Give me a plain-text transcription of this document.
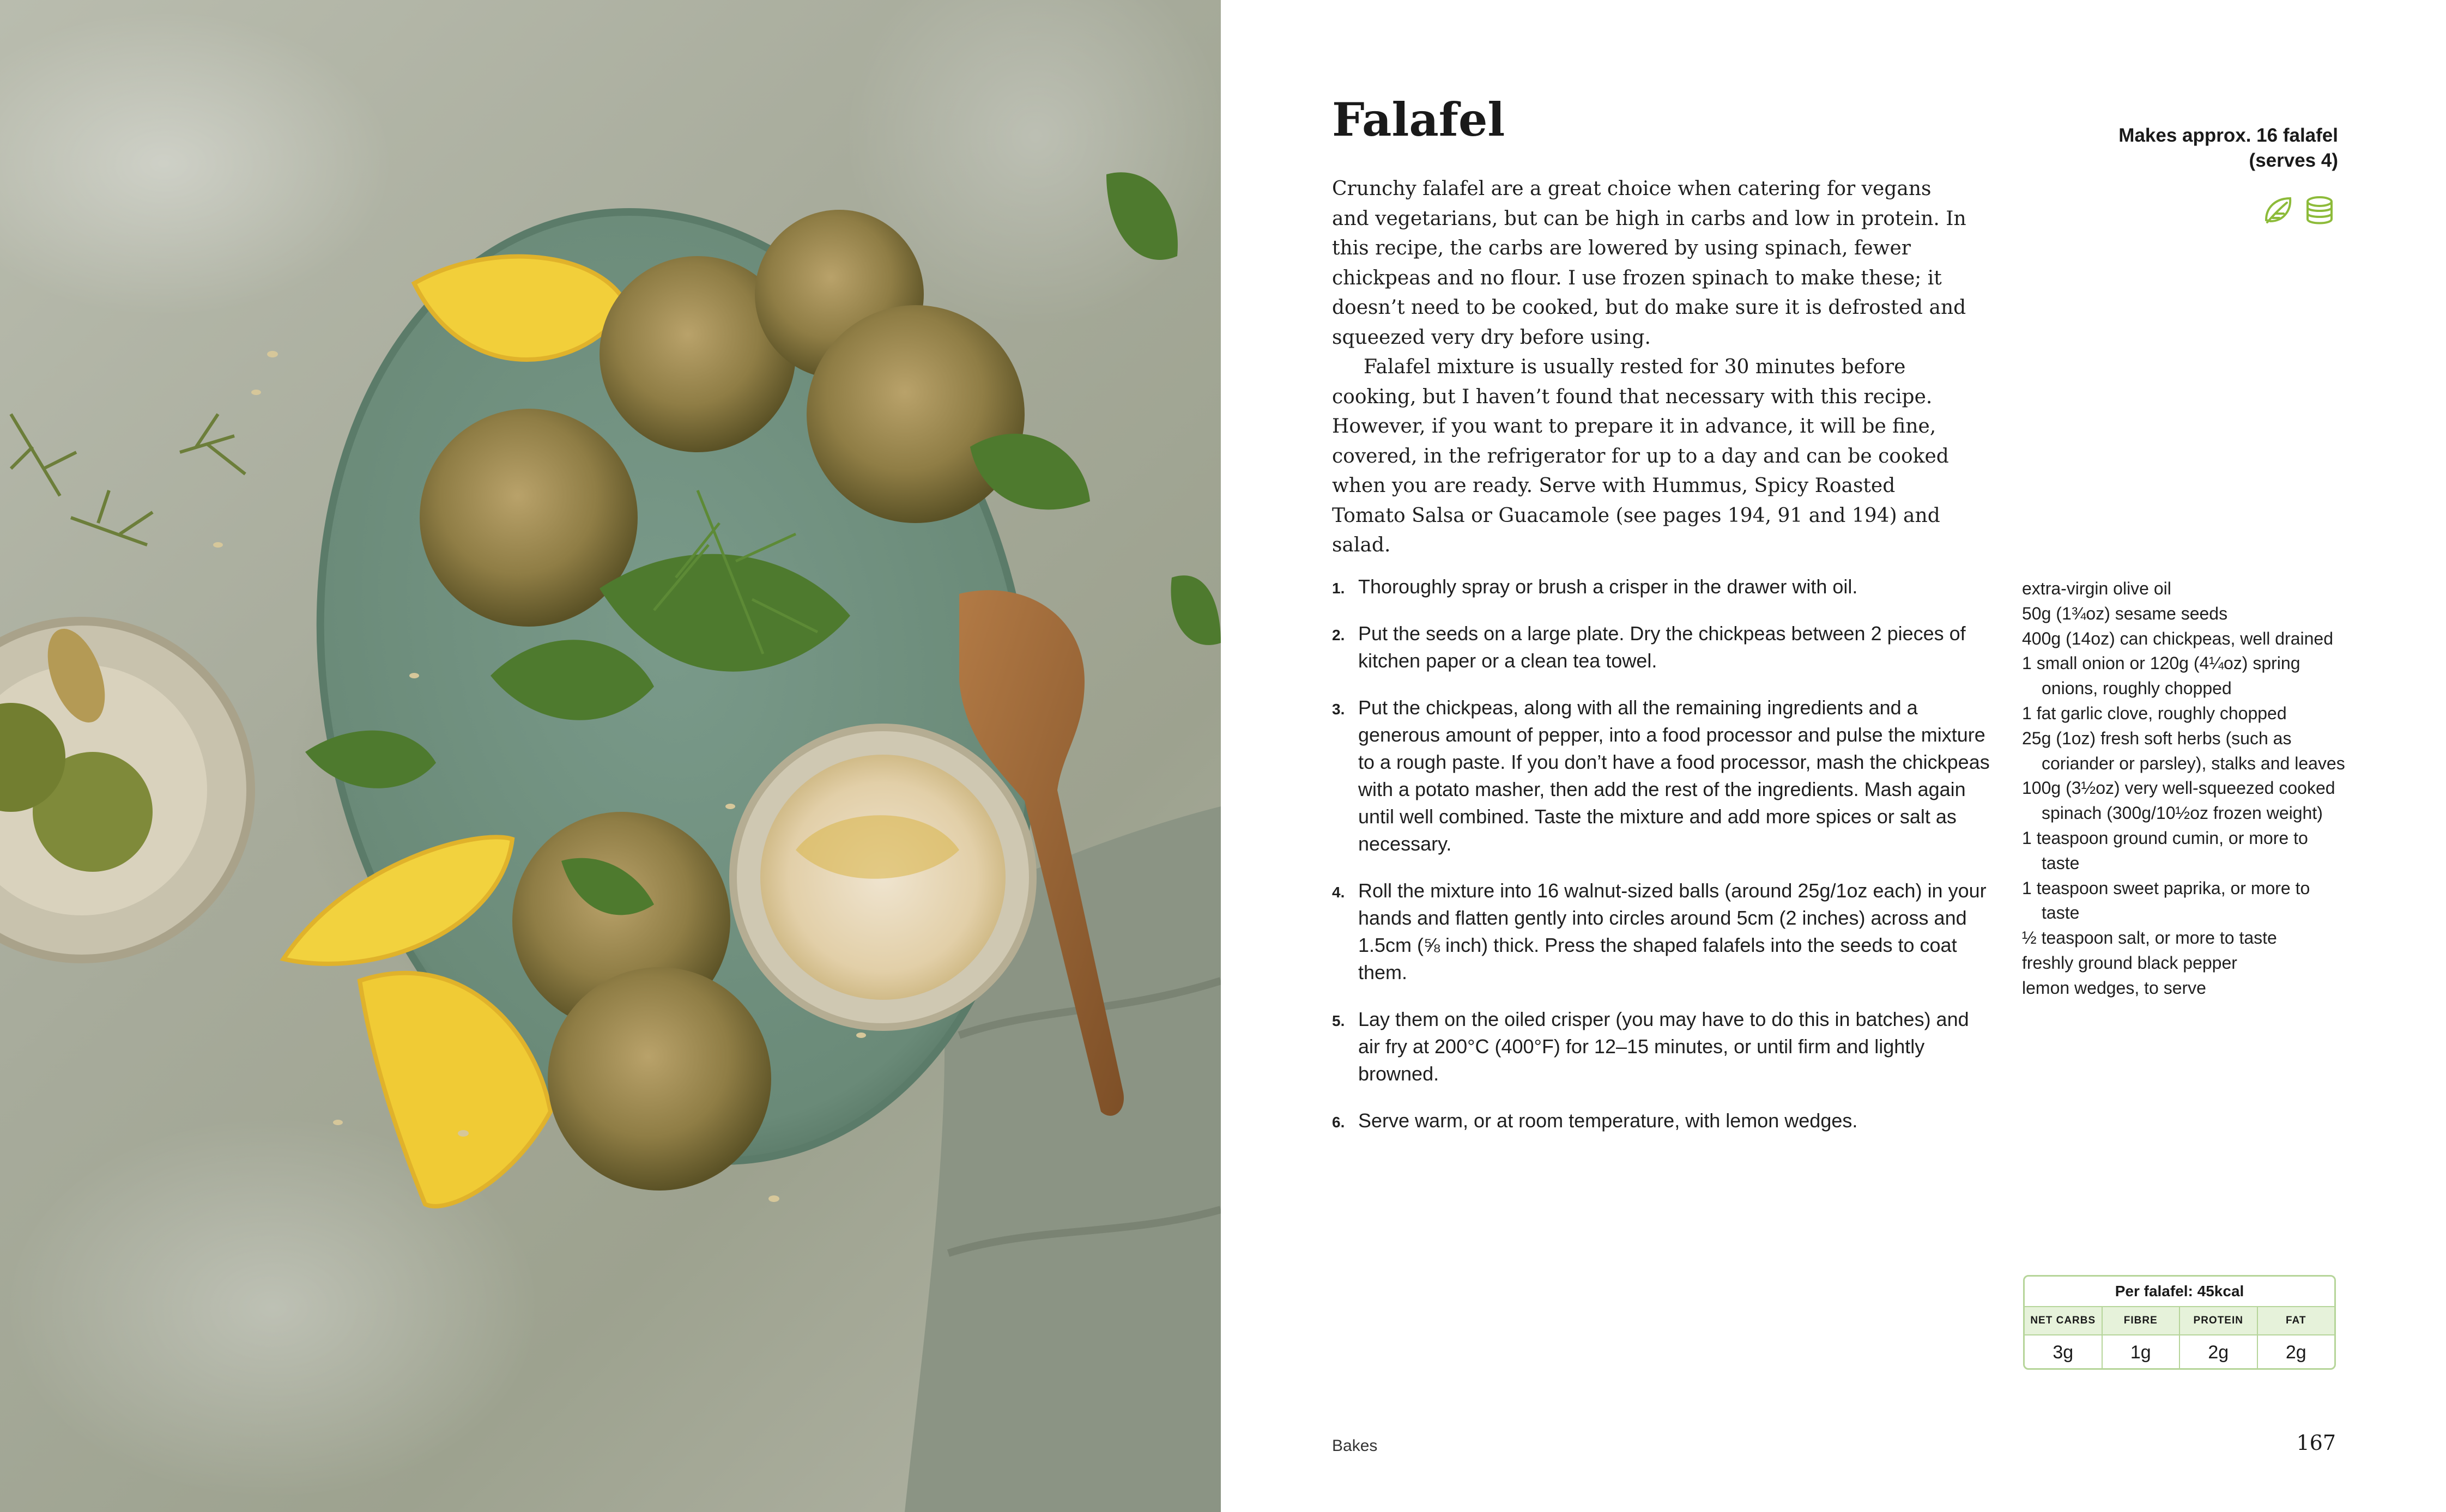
Falafel	Makes approx. 16 falafel
(serves 4)

Crunchy falafel are a great choice when catering for vegans and vegetarians, but can be high in carbs and low in protein. In this recipe, the carbs are lowered by using spinach, fewer chickpeas and no flour. I use frozen spinach to make these; it doesn’t need to be cooked, but do make sure it is defrosted and squeezed very dry before using.

Falafel mixture is usually rested for 30 minutes before cooking, but I haven’t found that necessary with this recipe. However, if you want to prepare it in advance, it will be fine, covered, in the refrigerator for up to a day and can be cooked when you are ready. Serve with Hummus, Spicy Roasted Tomato Salsa or Guacamole (see pages 194, 91 and 194) and salad.

1. Thoroughly spray or brush a crisper in the drawer with oil.
2. Put the seeds on a large plate. Dry the chickpeas between 2 pieces of kitchen paper or a clean tea towel.
3. Put the chickpeas, along with all the remaining ingredients and a generous amount of pepper, into a food processor and pulse the mixture to a rough paste. If you don’t have a food processor, mash the chickpeas with a potato masher, then add the rest of the ingredients. Mash again until well combined. Taste the mixture and add more spices or salt as necessary.
4. Roll the mixture into 16 walnut-sized balls (around 25g/1oz each) in your hands and flatten gently into circles around 5cm (2 inches) across and 1.5cm (⅝ inch) thick. Press the shaped falafels into the seeds to coat them.
5. Lay them on the oiled crisper (you may have to do this in batches) and air fry at 200°C (400°F) for 12–15 minutes, or until firm and lightly browned.
6. Serve warm, or at room temperature, with lemon wedges.
extra-virgin olive oil
50g (1¾oz) sesame seeds
400g (14oz) can chickpeas, well drained
1 small onion or 120g (4¼oz) spring onions, roughly chopped
1 fat garlic clove, roughly chopped
25g (1oz) fresh soft herbs (such as coriander or parsley), stalks and leaves
100g (3½oz) very well-squeezed cooked spinach (300g/10½oz frozen weight)
1 teaspoon ground cumin, or more to taste
1 teaspoon sweet paprika, or more to taste
½ teaspoon salt, or more to taste
freshly ground black pepper
lemon wedges, to serve
Per falafel: 45kcal
NET CARBS	FIBRE	PROTEIN	FAT
3g	1g	2g	2g
Bakes	167
